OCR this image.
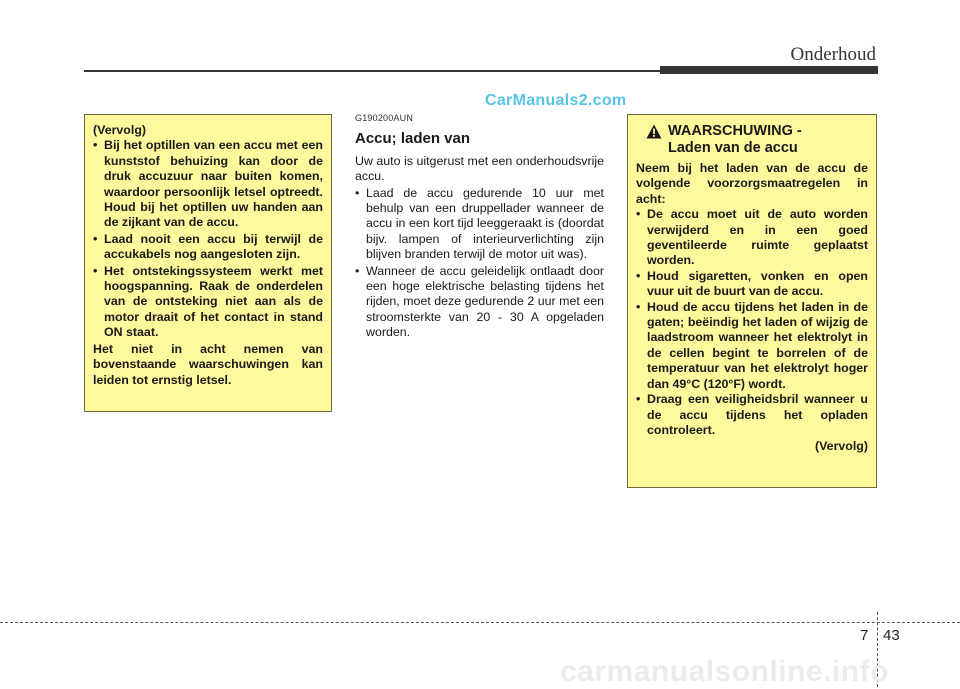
Onderhoud
CarManuals2.com

(Vervolg)

• Bij het optillen van een accu met een kunststof behuizing kan door de druk accuzuur naar buiten komen, waardoor persoonlijk letsel optreedt. Houd bij het optillen uw handen aan de zijkant van de accu.
• Laad nooit een accu bij terwijl de accukabels nog aangesloten zijn.
• Het ontstekingssysteem werkt met hoogspanning. Raak de onderdelen van de ontsteking niet aan als de motor draait of het contact in stand ON staat.

Het niet in acht nemen van bovenstaande waarschuwingen kan leiden tot ernstig letsel.

G190200AUN
Accu; laden van

Uw auto is uitgerust met een onderhoudsvrije accu.

• Laad de accu gedurende 10 uur met behulp van een druppellader wanneer de accu in een kort tijd leeggeraakt is (doordat bijv. lampen of interieurverlichting zijn blijven branden terwijl de motor uit was).
• Wanneer de accu geleidelijk ontlaadt door een hoge elektrische belasting tijdens het rijden, moet deze gedurende 2 uur met een stroomsterkte van 20 - 30 A opgeladen worden.
WAARSCHUWING -
Laden van de accu

Neem bij het laden van de accu de volgende voorzorgsmaatregelen in acht:

• De accu moet uit de auto worden verwijderd en in een goed geventileerde ruimte geplaatst worden.
• Houd sigaretten, vonken en open vuur uit de buurt van de accu.
• Houd de accu tijdens het laden in de gaten; beëindig het laden of wijzig de laadstroom wanneer het elektrolyt in de cellen begint te borrelen of de temperatuur van het elektrolyt hoger dan 49°C (120°F) wordt.
• Draag een veiligheidsbril wanneer u de accu tijdens het opladen controleert.
(Vervolg)
7 43
carmanualsonline.info
